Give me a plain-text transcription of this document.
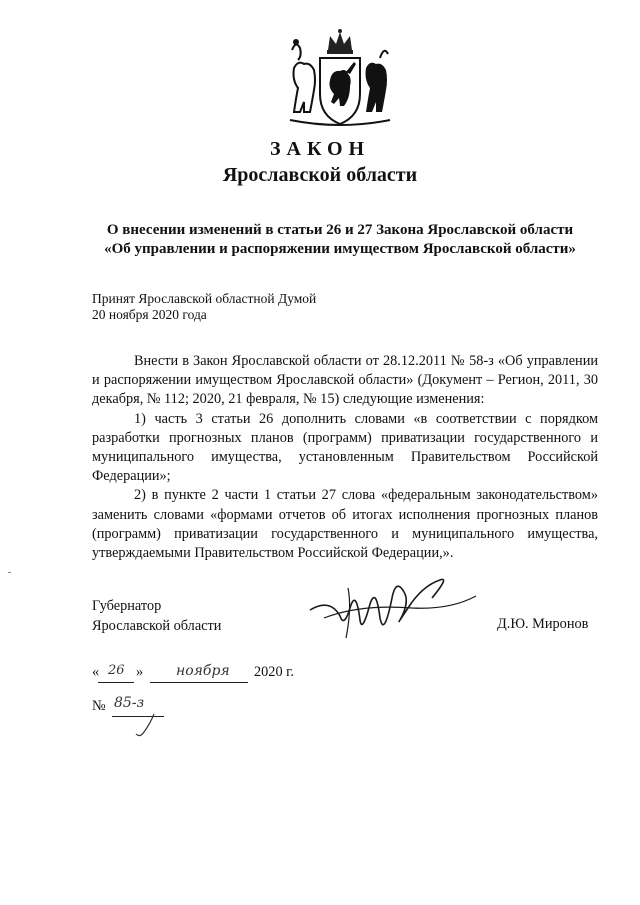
ЗАКОН
Ярославской области
О внесении изменений в статьи 26 и 27 Закона Ярославской области
«Об управлении и распоряжении имуществом Ярославской области»
Принят Ярославской областной Думой
20 ноября 2020 года

Внести в Закон Ярославской области от 28.12.2011 № 58-з «Об управлении и распоряжении имуществом Ярославской области» (Документ – Регион, 2011, 30 декабря, № 112; 2020, 21 февраля, № 15) следующие изменения:

1) часть 3 статьи 26 дополнить словами «в соответствии с порядком разработки прогнозных планов (программ) приватизации государственного и муниципального имущества, установленным Правительством Российской Федерации»;

2) в пункте 2 части 1 статьи 27 слова «федеральным законодательством» заменить словами «формами отчетов об итогах исполнения прогнозных планов (программ) приватизации государственного и муниципального имущества, утверждаемыми Правительством Российской Федерации,».

Губернатор
Ярославской области	Д.Ю. Миронов
« 26 » ноября 2020 г.
№ 85-з
